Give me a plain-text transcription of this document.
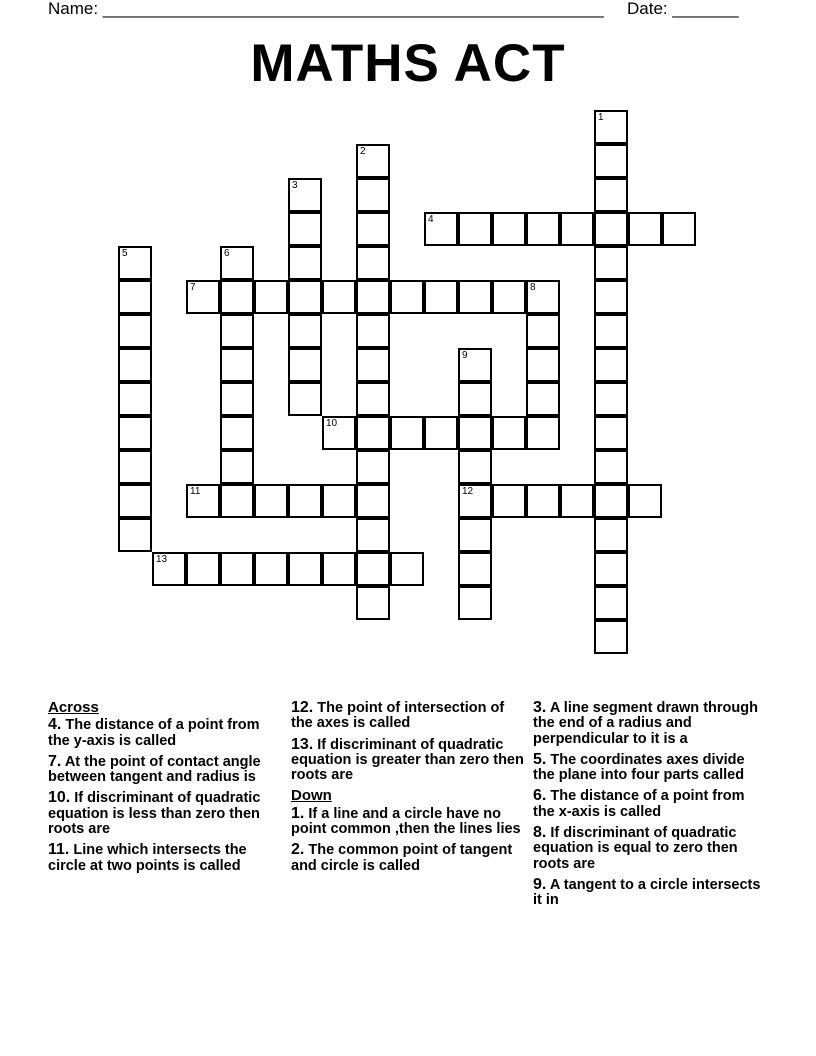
Name: _____________________________________________________ Date: _______
MATHS ACT
1
2
3
4
5	6
7	8
9
12
10
11
13
Across
4. The distance of a point from the y-axis is called
7. At the point of contact angle between tangent and radius is
10. If discriminant of quadratic equation is less than zero then roots are
11. Line which intersects the circle at two points is called
12. The point of intersection of the axes is called
13. If discriminant of quadratic equation is greater than zero then roots are
Down
1. If a line and a circle have no point common ,then the lines lies
2. The common point of tangent and circle is called
3. A line segment drawn through the end of a radius and perpendicular to it is a
5. The coordinates axes divide the plane into four parts called
6. The distance of a point from the x-axis is called
8. If discriminant of quadratic equation is equal to zero then roots are
9. A tangent to a circle intersects it in
